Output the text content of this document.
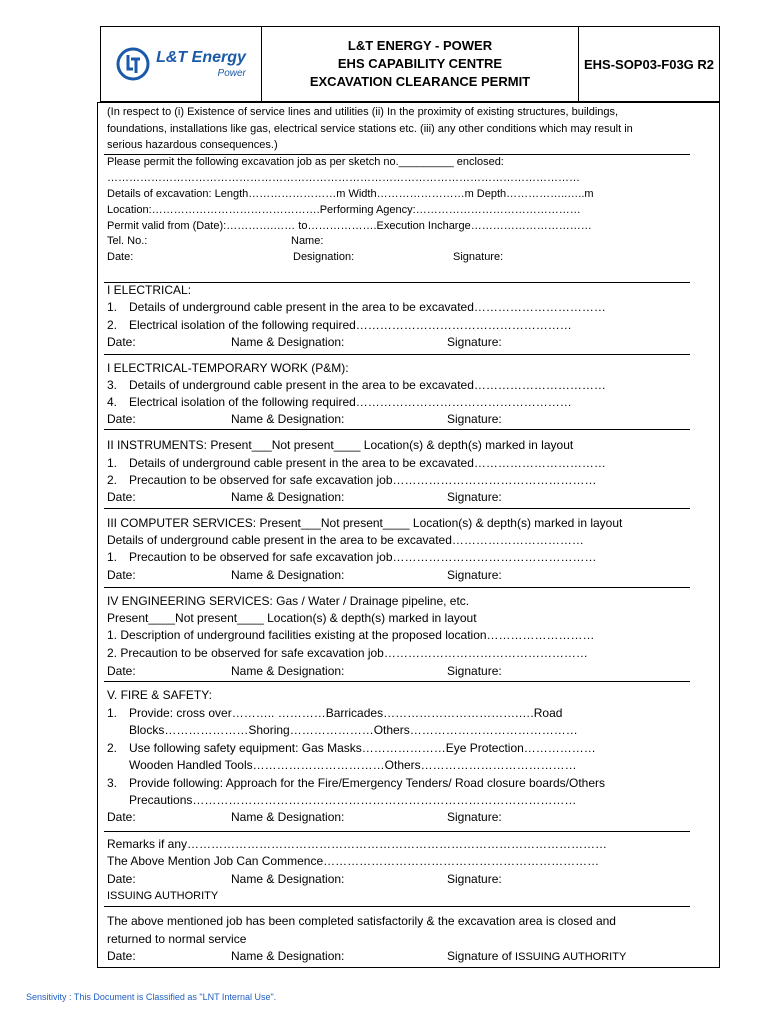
L&T Energy
Power
L&T ENERGY - POWER
EHS CAPABILITY CENTRE
EXCAVATION CLEARANCE PERMIT
EHS-SOP03-F03G R2
(In respect to (i) Existence of service lines and utilities (ii) In the proximity of existing structures, buildings,
foundations, installations like gas, electrical service stations etc. (iii) any other conditions which may result in
serious hazardous consequences.)
Please permit the following excavation job as per sketch no._________ enclosed:
…………………………………………………………………………………………………………………
Details of excavation: Length……………………m Width……………………m Depth……………..…..m
Location:……………………………………….Performing Agency:………………………………………
Permit valid from (Date):………….…… to……………….Execution Incharge……………………………
Tel. No.:	Name:
Date:	Designation:	Signature:
I ELECTRICAL:
1. Details of underground cable present in the area to be excavated……………………………
2. Electrical isolation of the following required………………………………………………
Date:	Name & Designation:	Signature:
I ELECTRICAL-TEMPORARY WORK (P&M):
3. Details of underground cable present in the area to be excavated……………………………
4. Electrical isolation of the following required………………………………………………
Date:	Name & Designation:	Signature:
II INSTRUMENTS: Present___Not present____ Location(s) & depth(s) marked in layout
1. Details of underground cable present in the area to be excavated……………………………
2. Precaution to be observed for safe excavation job……………………………………………
Date:	Name & Designation:	Signature:
III COMPUTER SERVICES: Present___Not present____ Location(s) & depth(s) marked in layout
Details of underground cable present in the area to be excavated……………………………
1. Precaution to be observed for safe excavation job……………………………………………
Date:	Name & Designation:	Signature:
IV ENGINEERING SERVICES: Gas / Water / Drainage pipeline, etc.
Present____Not present____ Location(s) & depth(s) marked in layout
1. Description of underground facilities existing at the proposed location………………………
2. Precaution to be observed for safe excavation job……………………………………………
Date:	Name & Designation:	Signature:
V. FIRE & SAFETY:
1. Provide: cross over……….. …………Barricades…………………………….….Road
Blocks…………………Shoring…………………Others……………………………………
2. Use following safety equipment: Gas Masks…………………Eye Protection………………
Wooden Handled Tools……………………………Others…………………………………
3. Provide following: Approach for the Fire/Emergency Tenders/ Road closure boards/Others
Precautions……………………………………………………………………………………
Date:	Name & Designation:	Signature:
Remarks if any……………………………………………………………………………………………
The Above Mention Job Can Commence……………………………………………………………
Date:	Name & Designation:	Signature:
ISSUING AUTHORITY
The above mentioned job has been completed satisfactorily & the excavation area is closed and
returned to normal service
Date:	Name & Designation:	Signature of ISSUING AUTHORITY
Sensitivity : This Document is Classified as "LNT Internal Use".
